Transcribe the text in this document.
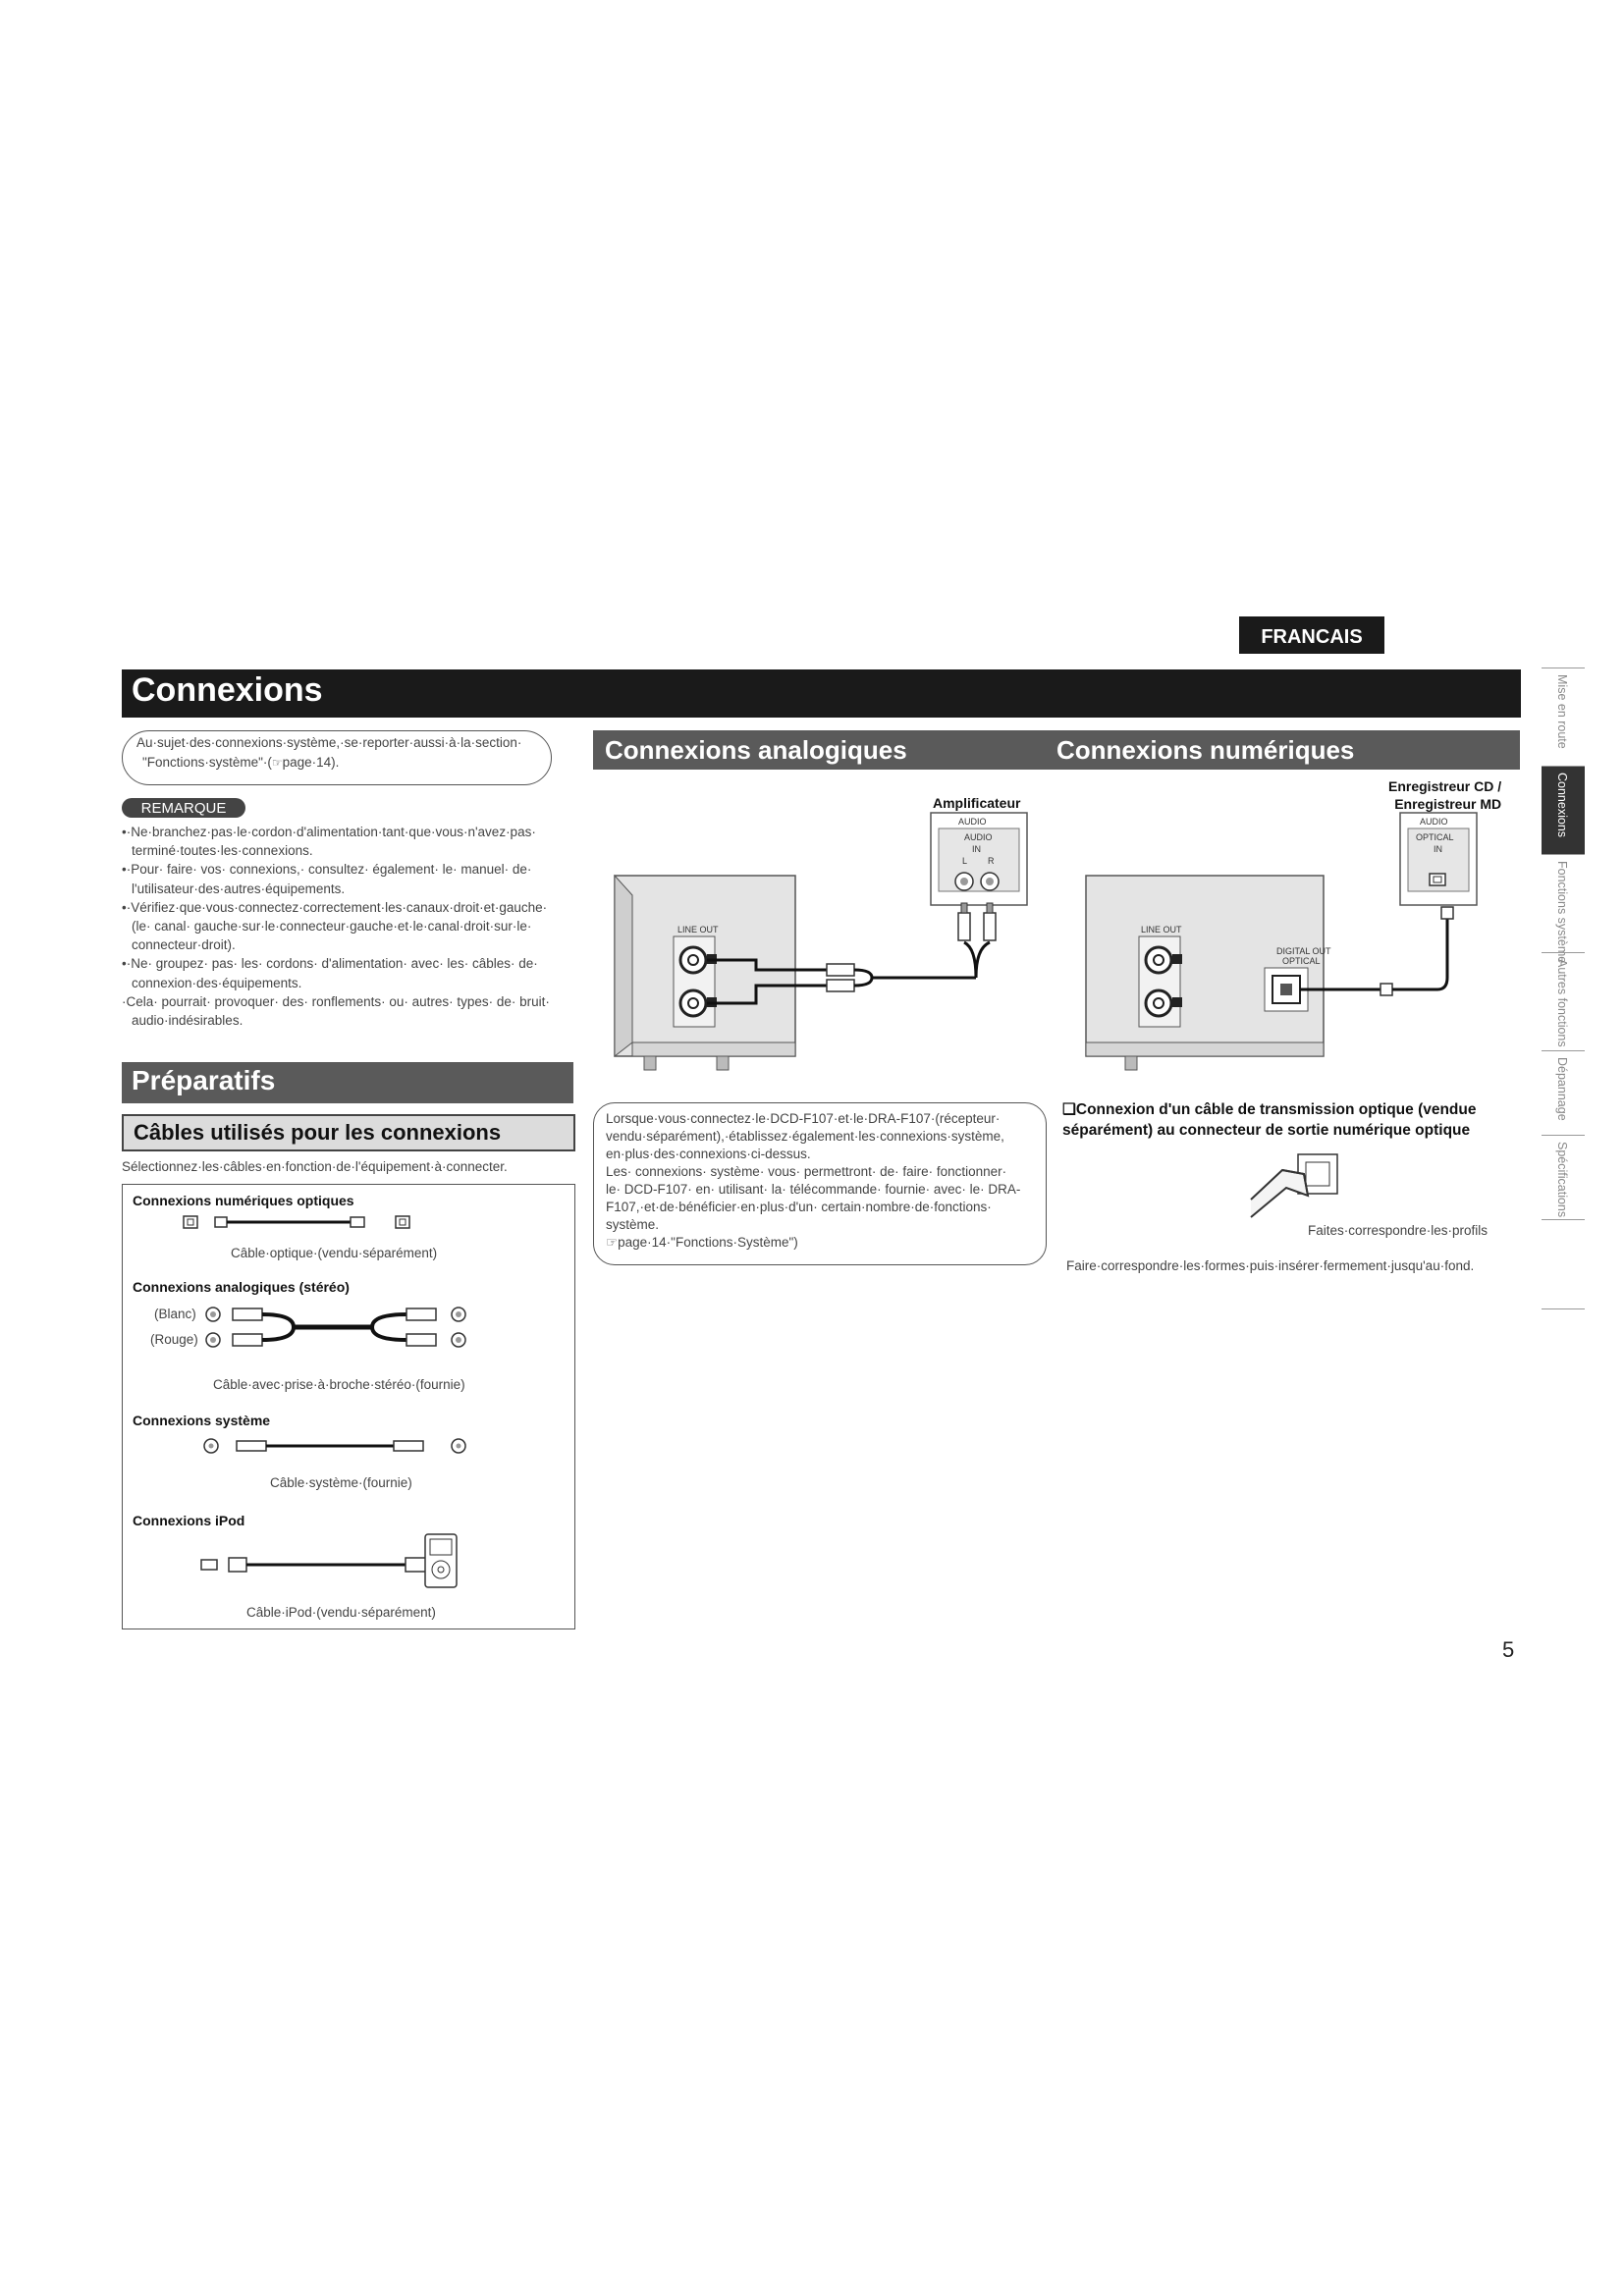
FRANCAIS
Connexions
Au·sujet·des·connexions·système,·se·reporter·aussi·à·la·section·
"Fonctions·système"·(☞page·14).
REMARQUE
•·Ne·branchez·pas·le·cordon·d'alimentation·tant·que·vous·n'avez·pas·
terminé·toutes·les·connexions.
•·Pour· faire· vos· connexions,· consultez· également· le· manuel· de·
l'utilisateur·des·autres·équipements.
•·Vérifiez·que·vous·connectez·correctement·les·canaux·droit·et·gauche·
(le· canal· gauche·sur·le·connecteur·gauche·et·le·canal·droit·sur·le·
connecteur·droit).
•·Ne· groupez· pas· les· cordons· d'alimentation· avec· les· câbles· de·
connexion·des·équipements.
·Cela· pourrait· provoquer· des· ronflements· ou· autres· types· de· bruit·
audio·indésirables.
Préparatifs
Câbles utilisés pour les connexions
Sélectionnez·les·câbles·en·fonction·de·l'équipement·à·connecter.
Connexions numériques optiques
Câble·optique·(vendu·séparément)
Connexions analogiques (stéréo)
(Blanc)
(Rouge)
Câble·avec·prise·à·broche·stéréo·(fournie)
Connexions système
Câble·système·(fournie)
Connexions iPod
Câble·iPod·(vendu·séparément)
Connexions analogiques	Connexions numériques
Amplificateur
AUDIO
AUDIO
IN
L R
LINE OUT
Enregistreur CD /
Enregistreur MD
AUDIO
OPTICAL
IN
LINE OUT
DIGITAL OUT
OPTICAL
Lorsque·vous·connectez·le·DCD-F107·et·le·DRA-F107·(récepteur·
vendu·séparément),·établissez·également·les·connexions·système,
en·plus·des·connexions·ci-dessus.
Les· connexions· système· vous· permettront· de· faire· fonctionner·
le· DCD-F107· en· utilisant· la· télécommande· fournie· avec· le· DRA-
F107,·et·de·bénéficier·en·plus·d'un· certain·nombre·de·fonctions·
système.
☞page·14·"Fonctions·Système")
❑Connexion d'un câble de transmission optique (vendue
séparément) au connecteur de sortie numérique optique
Faites·correspondre·les·profils
Faire·correspondre·les·formes·puis·insérer·fermement·jusqu'au·fond.
Mise en route
Connexions
Fonctions système
Autres fonctions
Dépannage
Spécifications
5
